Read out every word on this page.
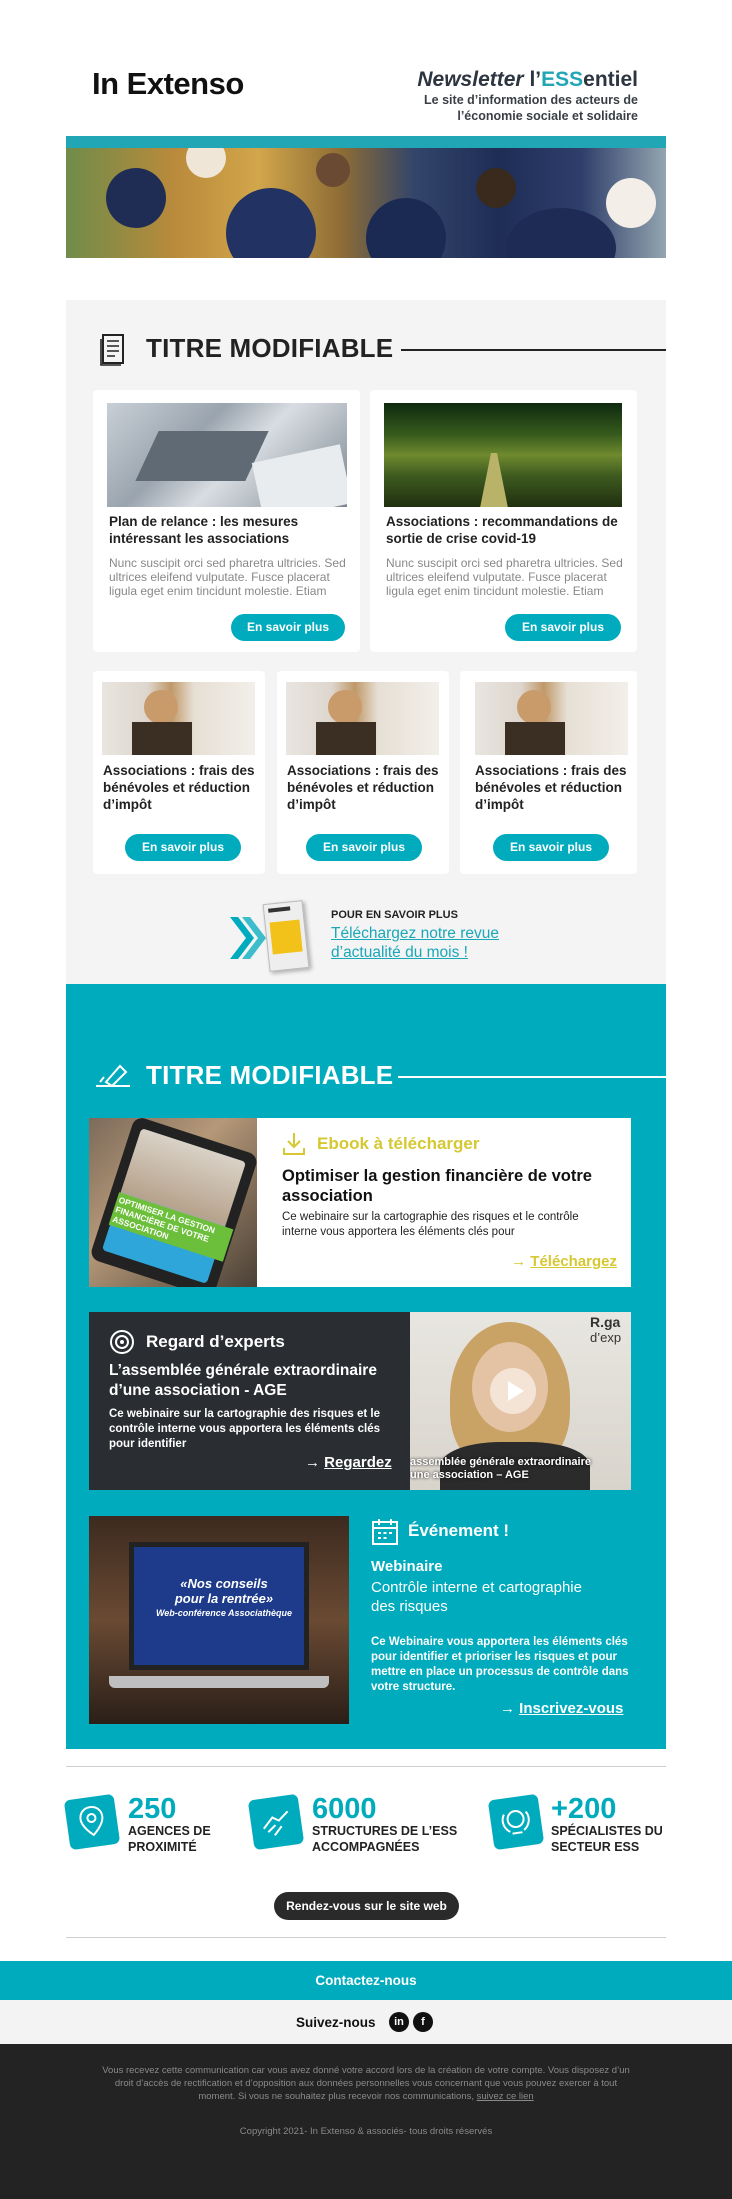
In Extenso	Newsletter l’ESSentiel
Le site d’information des acteurs de
l’économie sociale et solidaire
TITRE MODIFIABLE
Plan de relance : les mesures intéressant les associations

Nunc suscipit orci sed pharetra ultricies. Sed ultrices eleifend vulputate. Fusce placerat ligula eget enim tincidunt molestie. Etiam

En savoir plus
Associations : recommandations de sortie de crise covid-19

Nunc suscipit orci sed pharetra ultricies. Sed ultrices eleifend vulputate. Fusce placerat ligula eget enim tincidunt molestie. Etiam

En savoir plus
Associations : frais des bénévoles et réduction d’impôt
En savoir plus
Associations : frais des bénévoles et réduction d’impôt
En savoir plus
Associations : frais des bénévoles et réduction d’impôt
En savoir plus
POUR EN SAVOIR PLUS
Téléchargez notre revue
d’actualité du mois !
TITRE MODIFIABLE
OPTIMISER LA GESTION FINANCIÈRE DE VOTRE ASSOCIATION
Ebook à télécharger
Optimiser la gestion financière de votre association
Ce webinaire sur la cartographie des risques et le contrôle interne vous apportera les éléments clés pour
→ Téléchargez
Regard d’experts
L’assemblée générale extraordinaire d’une association - AGE
Ce webinaire sur la cartographie des risques et le contrôle interne vous apportera les éléments clés pour identifier
→ Regardez
R.ga
d’exp
assemblée générale extraordinaire
une association – AGE
«Nos conseils
pour la rentrée»
Web-conférence Associathèque
Événement !
Webinaire
Contrôle interne et cartographie des risques
Ce Webinaire vous apportera les éléments clés pour identifier et prioriser les risques et pour mettre en place un processus de contrôle dans votre structure.
→ Inscrivez-vous
250
AGENCES DE
PROXIMITÉ
6000
STRUCTURES DE L’ESS
ACCOMPAGNÉES
+200
SPÉCIALISTES DU
SECTEUR ESS
Rendez-vous sur le site web
Contactez-nous
Suivez-nous	in	f
Vous recevez cette communication car vous avez donné votre accord lors de la création de votre compte. Vous disposez d’un droit d’accès de rectification et d’opposition aux données personnelles vous concernant que vous pouvez exercer à tout moment. Si vous ne souhaitez plus recevoir nos communications, suivez ce lien
Copyright 2021- In Extenso & associés- tous droits réservés
